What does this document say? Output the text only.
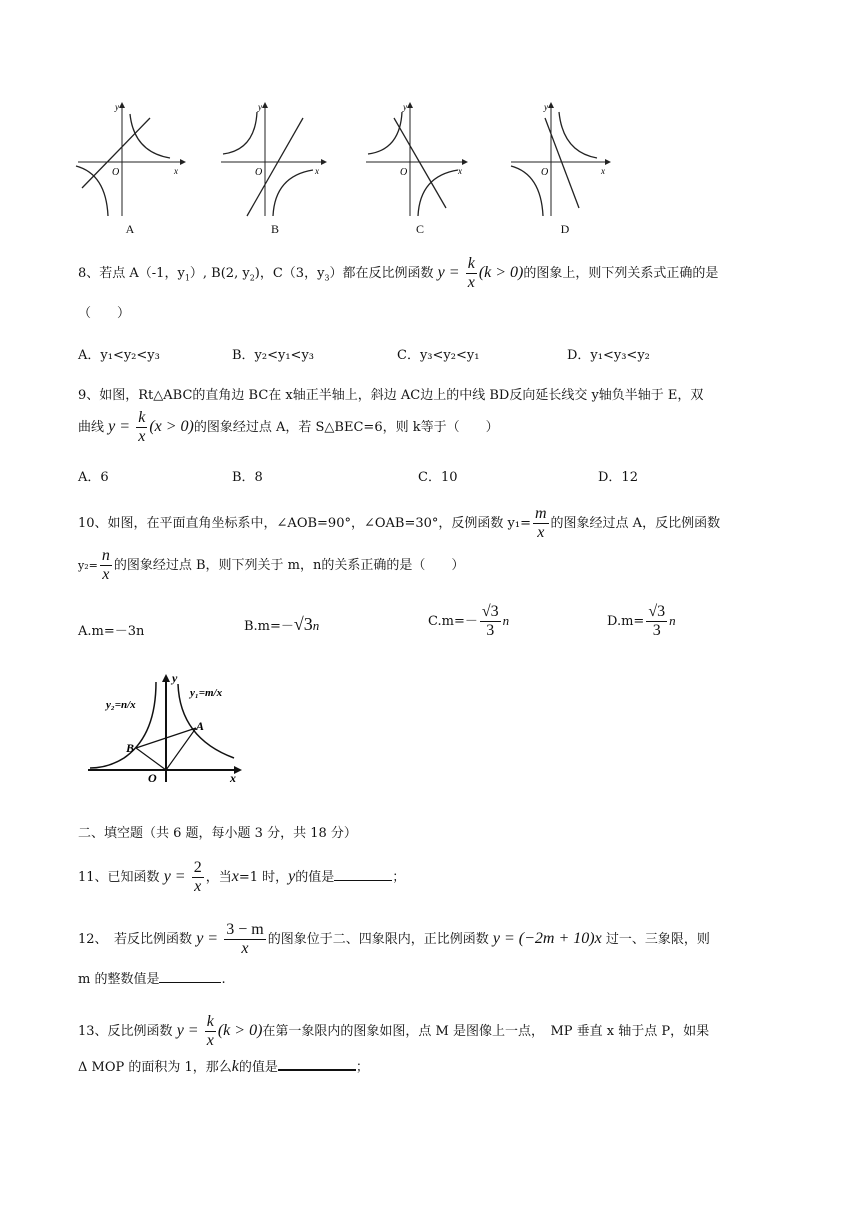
O	x
y
A
O	x
y
B
O	x
y
C
O	x
y
D
8、若点 A（-1，$y_1$）, B(2, $y_2$)，C（3，$y_3$）都在反比例函数 $y = \frac{k}{x} (k > 0)$的图象上，则下列关系式正确的是
（　　）
A．y₁<y₂<y₃	B．y₂<y₁<y₃	C．y₃<y₂<y₁	D．y₁<y₃<y₂
9、如图，Rt△ABC的直角边 BC在 x轴正半轴上，斜边 AC边上的中线 BD反向延长线交 y轴负半轴于 E，双
曲线 $y = \frac{k}{x} (x > 0)$的图象经过点 A，若 S△BEC=6，则 k等于（　　）
A．6	B．8	C．10	D．12
10、如图，在平面直角坐标系中，∠AOB=90°，∠OAB=30°，反例函数 $y_1= \frac{m}{x}$ 的图象经过点 A，反比例函数
$y_2= \frac{n}{x}$ 的图象经过点 B，则下列关于 m，n的关系正确的是（　　）
A.m=－3n	B.m=－√3n	$C.m=- \frac{√3}{3}$ n	$D.m= \frac{√3}{3}$ n
y₂=n/x
y₁=m/x
A
B
O	x
y
二、填空题（共 6 题，每小题 3 分，共 18 分）
11、已知函数 $y = \frac{2}{x}$ ，当x=1 时，y的值是	；
12、　若反比例函数 $y = \frac{3 - m}{x}$ 的图象位于二、四象限内，正比例函数 y = (−2m + 10)x 过一、三象限，则
m 的整数值是	.
13、反比例函数 $y = \frac{k}{x} (k > 0)$在第一象限内的图象如图，点 M 是图像上一点，　MP 垂直 x 轴于点 P，如果
Δ MOP 的面积为 1，那么k的值是	；
